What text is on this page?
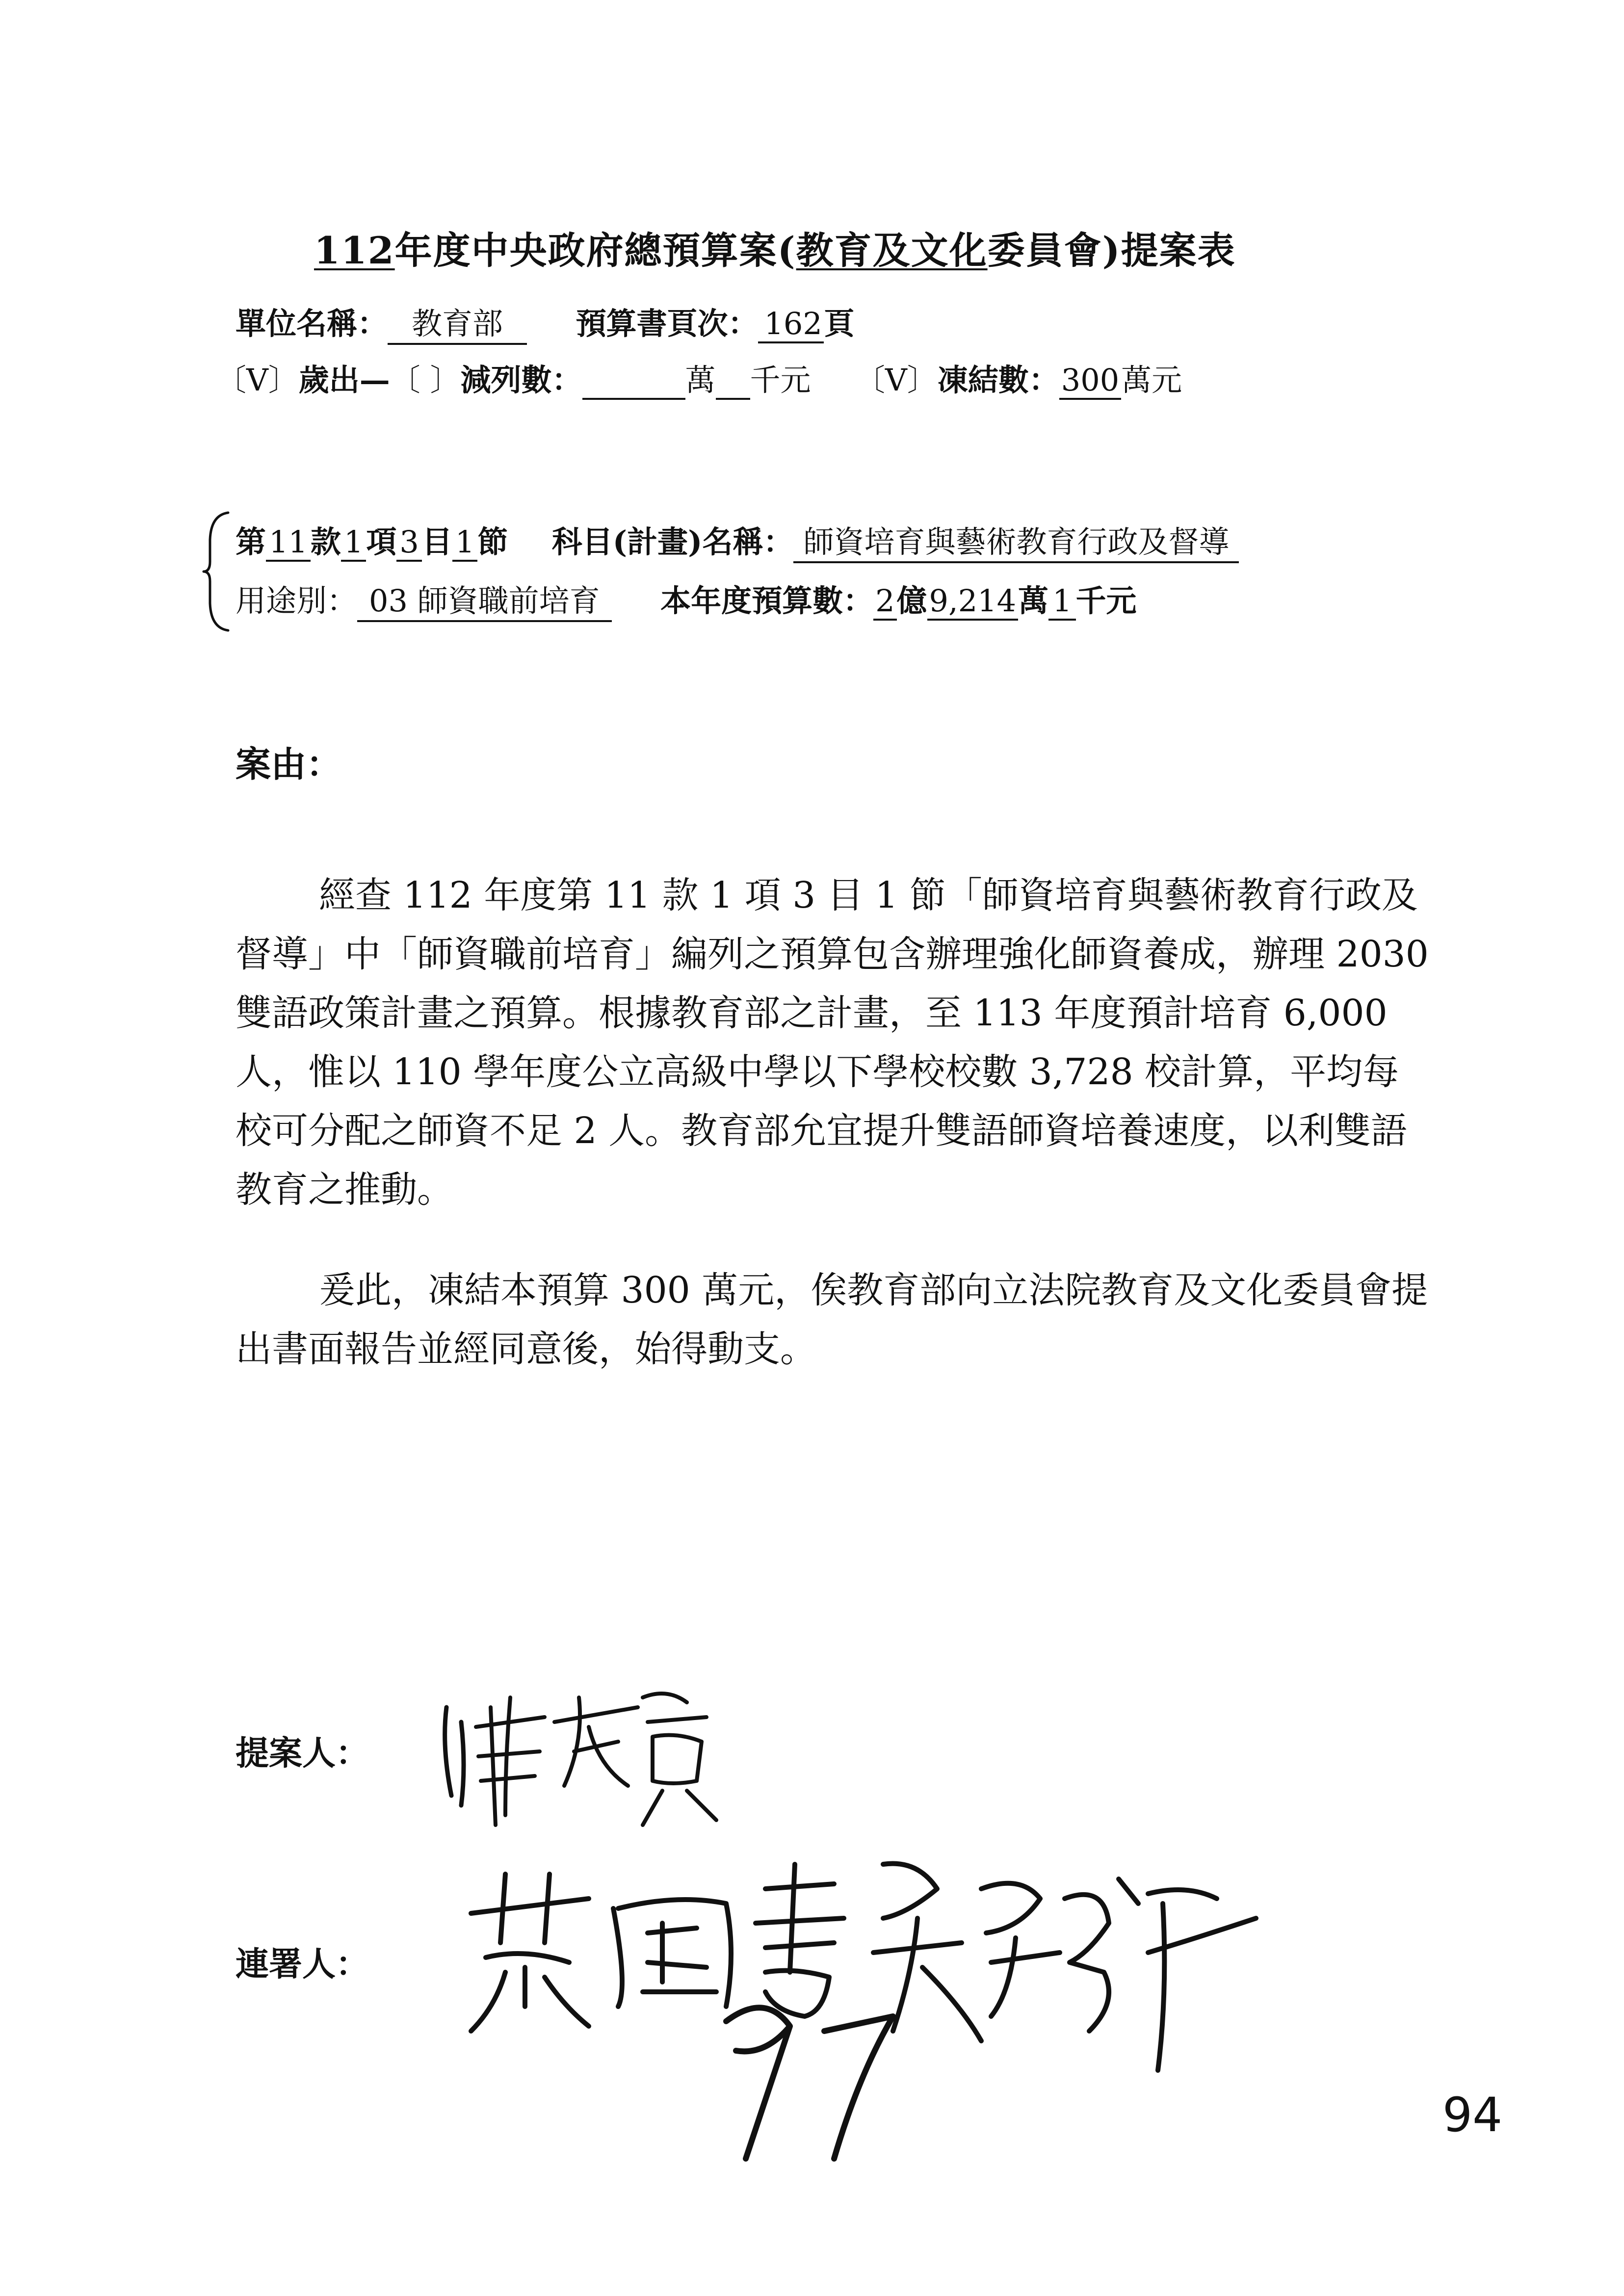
112年度中央政府總預算案(教育及文化委員會)提案表
單位名稱： 教育部 預算書頁次： 162頁
〔V〕歲出—〔 〕減列數：	萬 千元 〔V〕凍結數：300萬元
第11款1項3目1節 科目(計畫)名稱： 師資培育與藝術教育行政及督導
用途別： 03 師資職前培育 本年度預算數：2億9,214萬 1 千元
案由：

經查 112 年度第 11 款 1 項 3 目 1 節「師資培育與藝術教育行政及督導」中「師資職前培育」編列之預算包含辦理強化師資養成，辦理 2030 雙語政策計畫之預算。根據教育部之計畫，至 113 年度預計培育 6,000 人，惟以 110 學年度公立高級中學以下學校校數 3,728 校計算，平均每校可分配之師資不足 2 人。教育部允宜提升雙語師資培養速度，以利雙語教育之推動。

爰此，凍結本預算 300 萬元，俟教育部向立法院教育及文化委員會提出書面報告並經同意後，始得動支。

提案人：
連署人：
94
